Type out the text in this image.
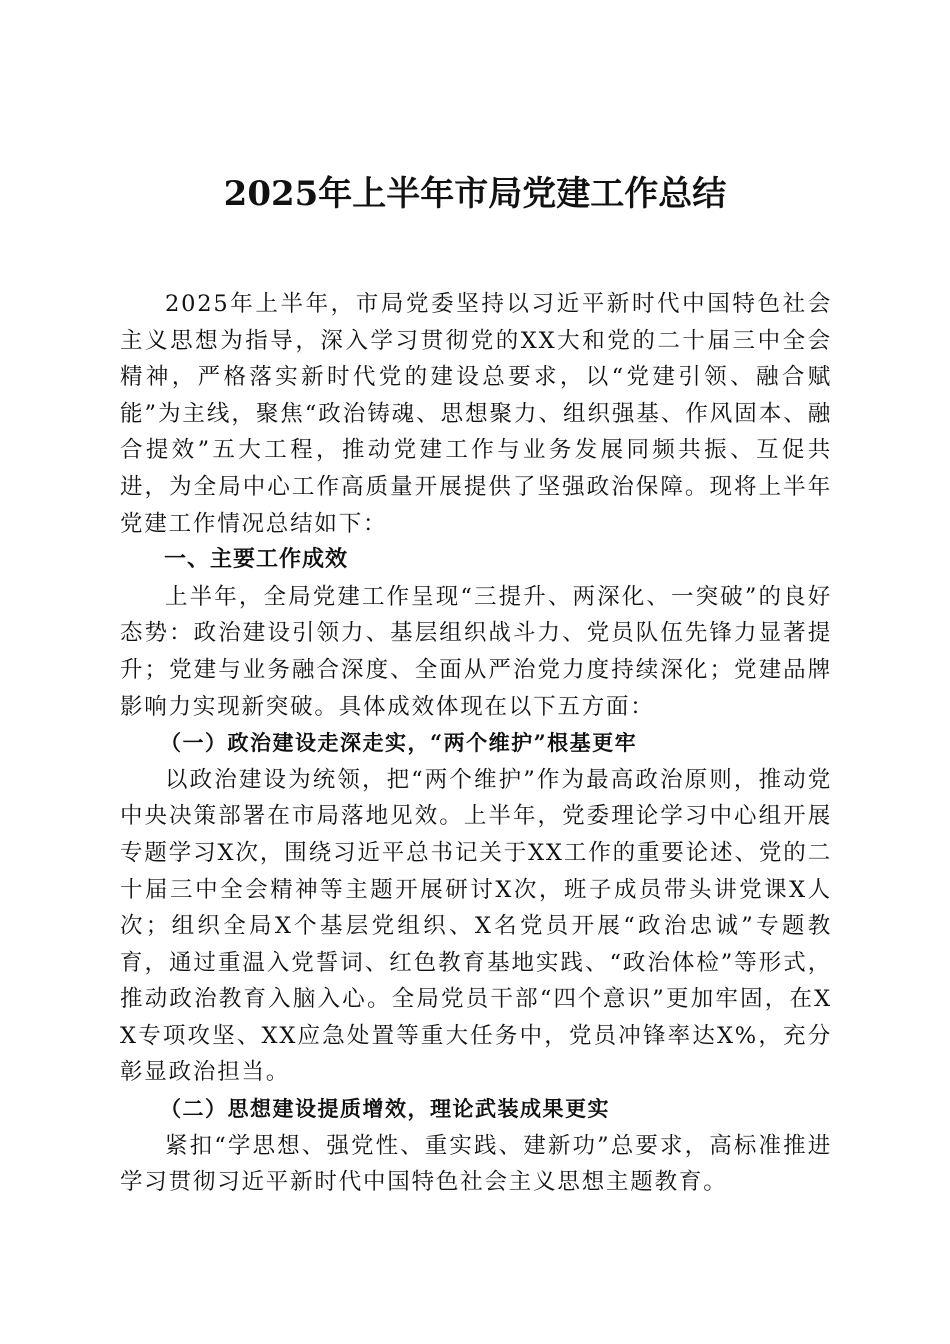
2025年上半年市局党建工作总结

2025年上半年，市局党委坚持以习近平新时代中国特色社会主义思想为指导，深入学习贯彻党的XX大和党的二十届三中全会精神，严格落实新时代党的建设总要求，以“党建引领、融合赋能”为主线，聚焦“政治铸魂、思想聚力、组织强基、作风固本、融合提效”五大工程，推动党建工作与业务发展同频共振、互促共进，为全局中心工作高质量开展提供了坚强政治保障。现将上半年党建工作情况总结如下：

一、主要工作成效

上半年，全局党建工作呈现“三提升、两深化、一突破”的良好态势：政治建设引领力、基层组织战斗力、党员队伍先锋力显著提升；党建与业务融合深度、全面从严治党力度持续深化；党建品牌影响力实现新突破。具体成效体现在以下五方面：

（一）政治建设走深走实，“两个维护”根基更牢

以政治建设为统领，把“两个维护”作为最高政治原则，推动党中央决策部署在市局落地见效。上半年，党委理论学习中心组开展专题学习X次，围绕习近平总书记关于XX工作的重要论述、党的二十届三中全会精神等主题开展研讨X次，班子成员带头讲党课X人次；组织全局X个基层党组织、X名党员开展“政治忠诚”专题教育，通过重温入党誓词、红色教育基地实践、“政治体检”等形式，推动政治教育入脑入心。全局党员干部“四个意识”更加牢固，在XX专项攻坚、XX应急处置等重大任务中，党员冲锋率达X%，充分彰显政治担当。

（二）思想建设提质增效，理论武装成果更实

紧扣“学思想、强党性、重实践、建新功”总要求，高标准推进学习贯彻习近平新时代中国特色社会主义思想主题教育。
